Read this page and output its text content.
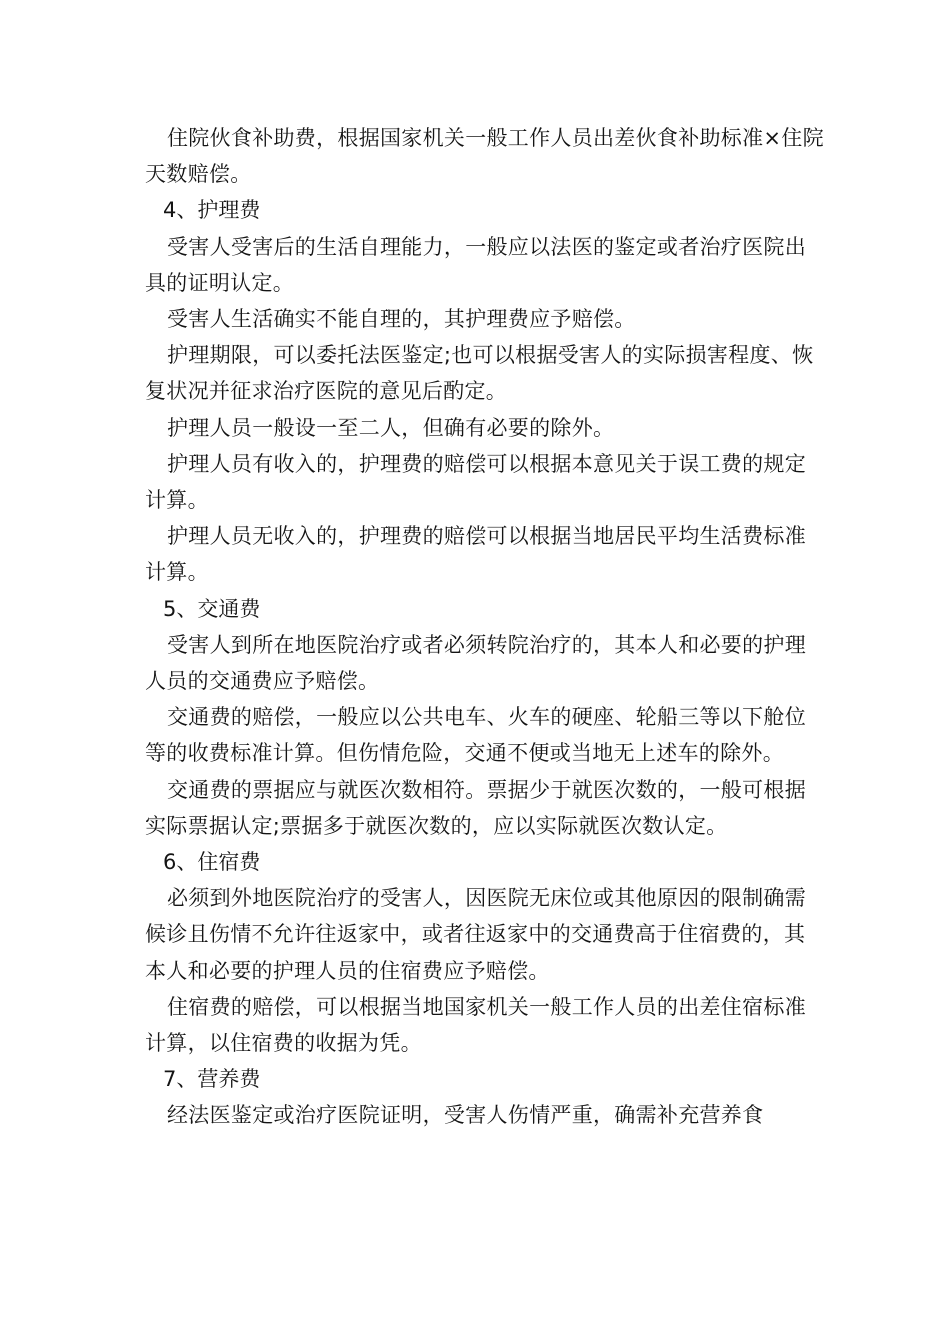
住院伙食补助费，根据国家机关一般工作人员出差伙食补助标准×住院天数赔偿。

4、护理费

受害人受害后的生活自理能力，一般应以法医的鉴定或者治疗医院出具的证明认定。

受害人生活确实不能自理的，其护理费应予赔偿。

护理期限，可以委托法医鉴定;也可以根据受害人的实际损害程度、恢复状况并征求治疗医院的意见后酌定。

护理人员一般设一至二人，但确有必要的除外。

护理人员有收入的，护理费的赔偿可以根据本意见关于误工费的规定计算。

护理人员无收入的，护理费的赔偿可以根据当地居民平均生活费标准计算。

5、交通费

受害人到所在地医院治疗或者必须转院治疗的，其本人和必要的护理人员的交通费应予赔偿。

交通费的赔偿，一般应以公共电车、火车的硬座、轮船三等以下舱位等的收费标准计算。但伤情危险，交通不便或当地无上述车的除外。

交通费的票据应与就医次数相符。票据少于就医次数的，一般可根据实际票据认定;票据多于就医次数的，应以实际就医次数认定。

6、住宿费

必须到外地医院治疗的受害人，因医院无床位或其他原因的限制确需候诊且伤情不允许往返家中，或者往返家中的交通费高于住宿费的，其本人和必要的护理人员的住宿费应予赔偿。

住宿费的赔偿，可以根据当地国家机关一般工作人员的出差住宿标准计算，以住宿费的收据为凭。

7、营养费

经法医鉴定或治疗医院证明，受害人伤情严重，确需补充营养食
